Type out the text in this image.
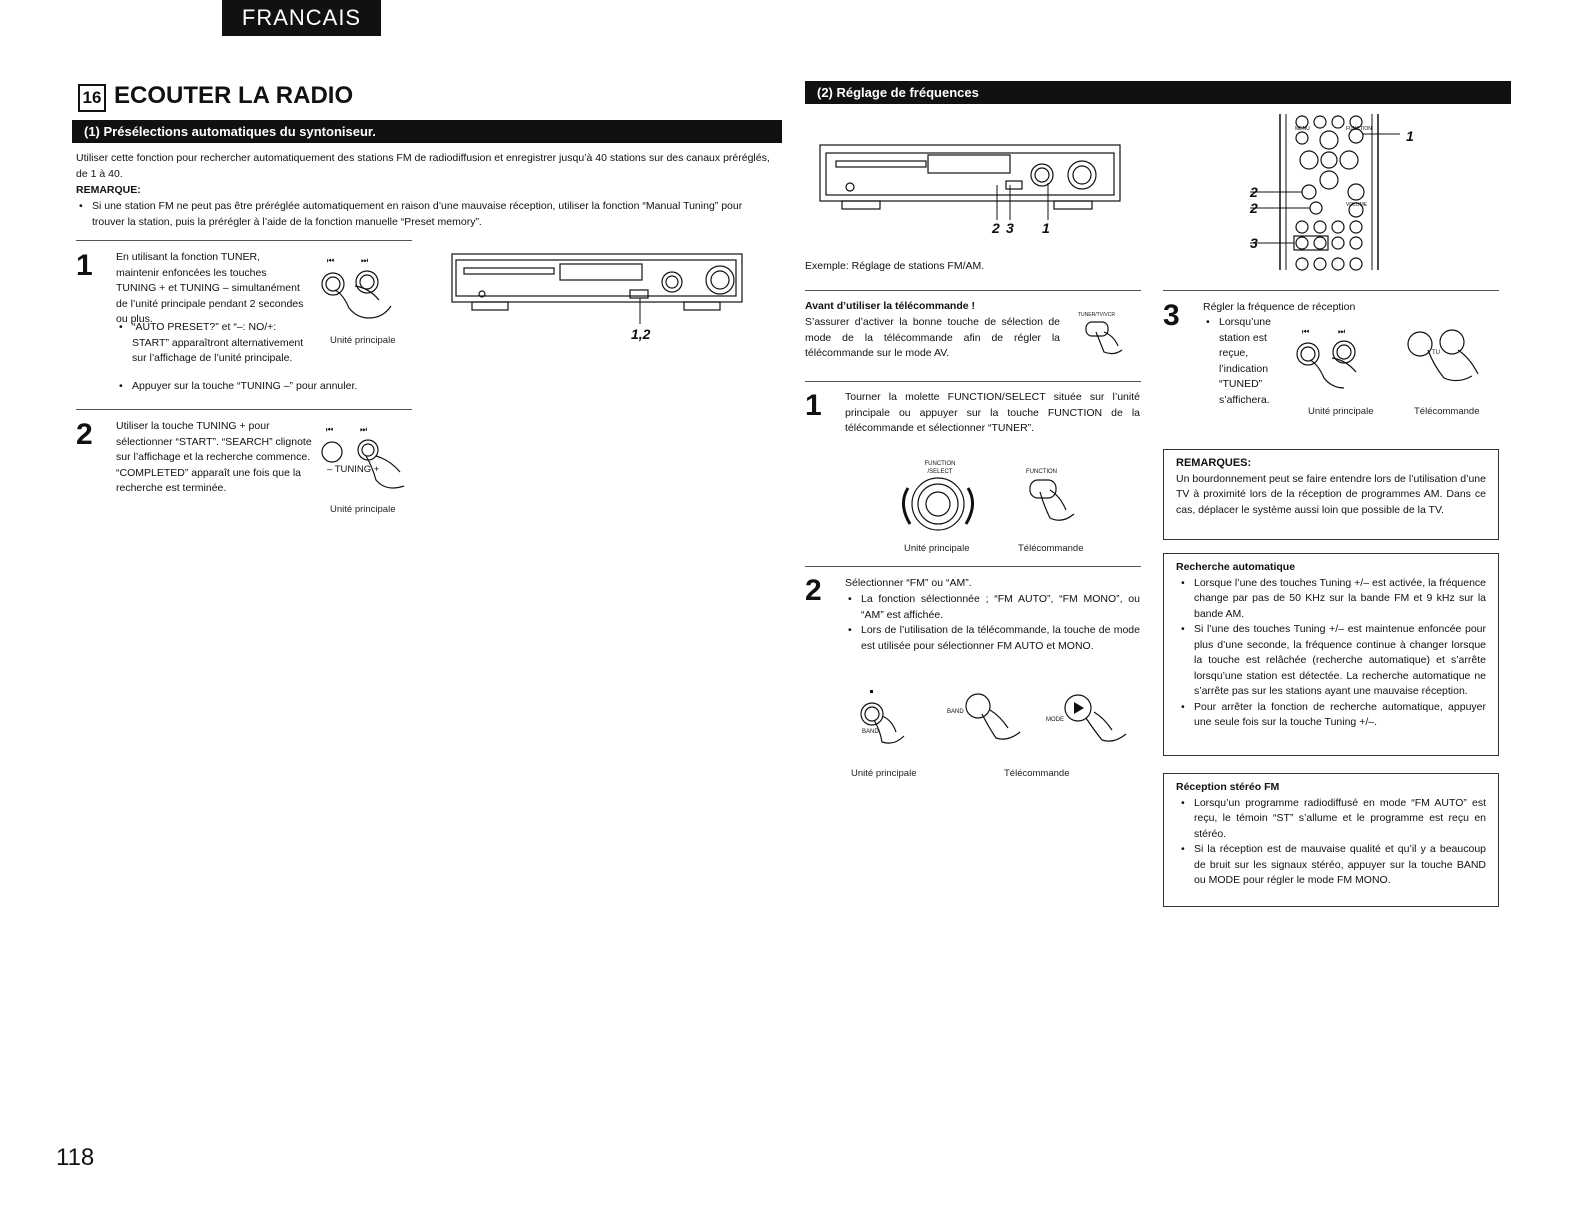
FRANCAIS
16 ECOUTER LA RADIO
(1) Présélections automatiques du syntoniseur.
Utiliser cette fonction pour rechercher automatiquement des stations FM de radiodiffusion et enregistrer jusqu’à 40 stations sur des canaux préréglés, de 1 à 40.
REMARQUE:
• Si une station FM ne peut pas être préréglée automatiquement en raison d’une mauvaise réception, utiliser la fonction “Manual Tuning” pour trouver la station, puis la prérégler à l’aide de la fonction manuelle “Preset memory”.
1 En utilisant la fonction TUNER, maintenir enfoncées les touches TUNING + et TUNING – simultanément de l’unité principale pendant 2 secondes ou plus.
• “AUTO PRESET?” et “–: NO/+: START” apparaîtront alternativement sur l’affichage de l’unité principale.
• Appuyer sur la touche “TUNING –” pour annuler.
⏮	⏭
Unité principale	1,2
2 Utiliser la touche TUNING + pour sélectionner “START”. “SEARCH” clignote sur l’affichage et la recherche commence. “COMPLETED” apparaît une fois que la recherche est terminée.
⏮	⏭
– TUNING +
Unité principale
(2) Réglage de fréquences
2 3 1
MENU	FUNCTION
VOLUME
1
2
2
3
Exemple: Réglage de stations FM/AM.
Avant d’utiliser la télécommande !
S’assurer d’activer la bonne touche de sélection de mode de la télécommande afin de régler la télécommande sur le mode AV.
TUNER/TV/VCR
1 Tourner la molette FUNCTION/SELECT située sur l’unité principale ou appuyer sur la touche FUNCTION de la télécommande et sélectionner “TUNER”.
FUNCTION /SELECT	FUNCTION
Unité principale	Télécommande
2 Sélectionner “FM” ou “AM”.
• La fonction sélectionnée ; “FM AUTO”, “FM MONO”, ou “AM” est affichée.
• Lors de l’utilisation de la télécommande, la touche de mode est utilisée pour sélectionner FM AUTO et MONO.
BAND
BAND
MODE
Unité principale	Télécommande
3 Régler la fréquence de réception
• Lorsqu’une station est reçue, l’indication “TUNED” s’affichera.
⏮	⏭
TU
Unité principale	Télécommande
REMARQUES:
Un bourdonnement peut se faire entendre lors de l’utilisation d’une TV à proximité lors de la réception de programmes AM. Dans ce cas, déplacer le système aussi loin que possible de la TV.
Recherche automatique
• Lorsque l’une des touches Tuning +/– est activée, la fréquence change par pas de 50 KHz sur la bande FM et 9 kHz sur la bande AM.
• Si l’une des touches Tuning +/– est maintenue enfoncée pour plus d’une seconde, la fréquence continue à changer lorsque la touche est relâchée (recherche automatique) et s’arrête lorsqu’une station est détectée. La recherche automatique ne s’arrête pas sur les stations ayant une mauvaise réception.
• Pour arrêter la fonction de recherche automatique, appuyer une seule fois sur la touche Tuning +/–.
Réception stéréo FM
• Lorsqu’un programme radiodiffusé en mode “FM AUTO” est reçu, le témoin “ST” s’allume et le programme est reçu en stéréo.
• Si la réception est de mauvaise qualité et qu’il y a beaucoup de bruit sur les signaux stéréo, appuyer sur la touche BAND ou MODE pour régler le mode FM MONO.
118
